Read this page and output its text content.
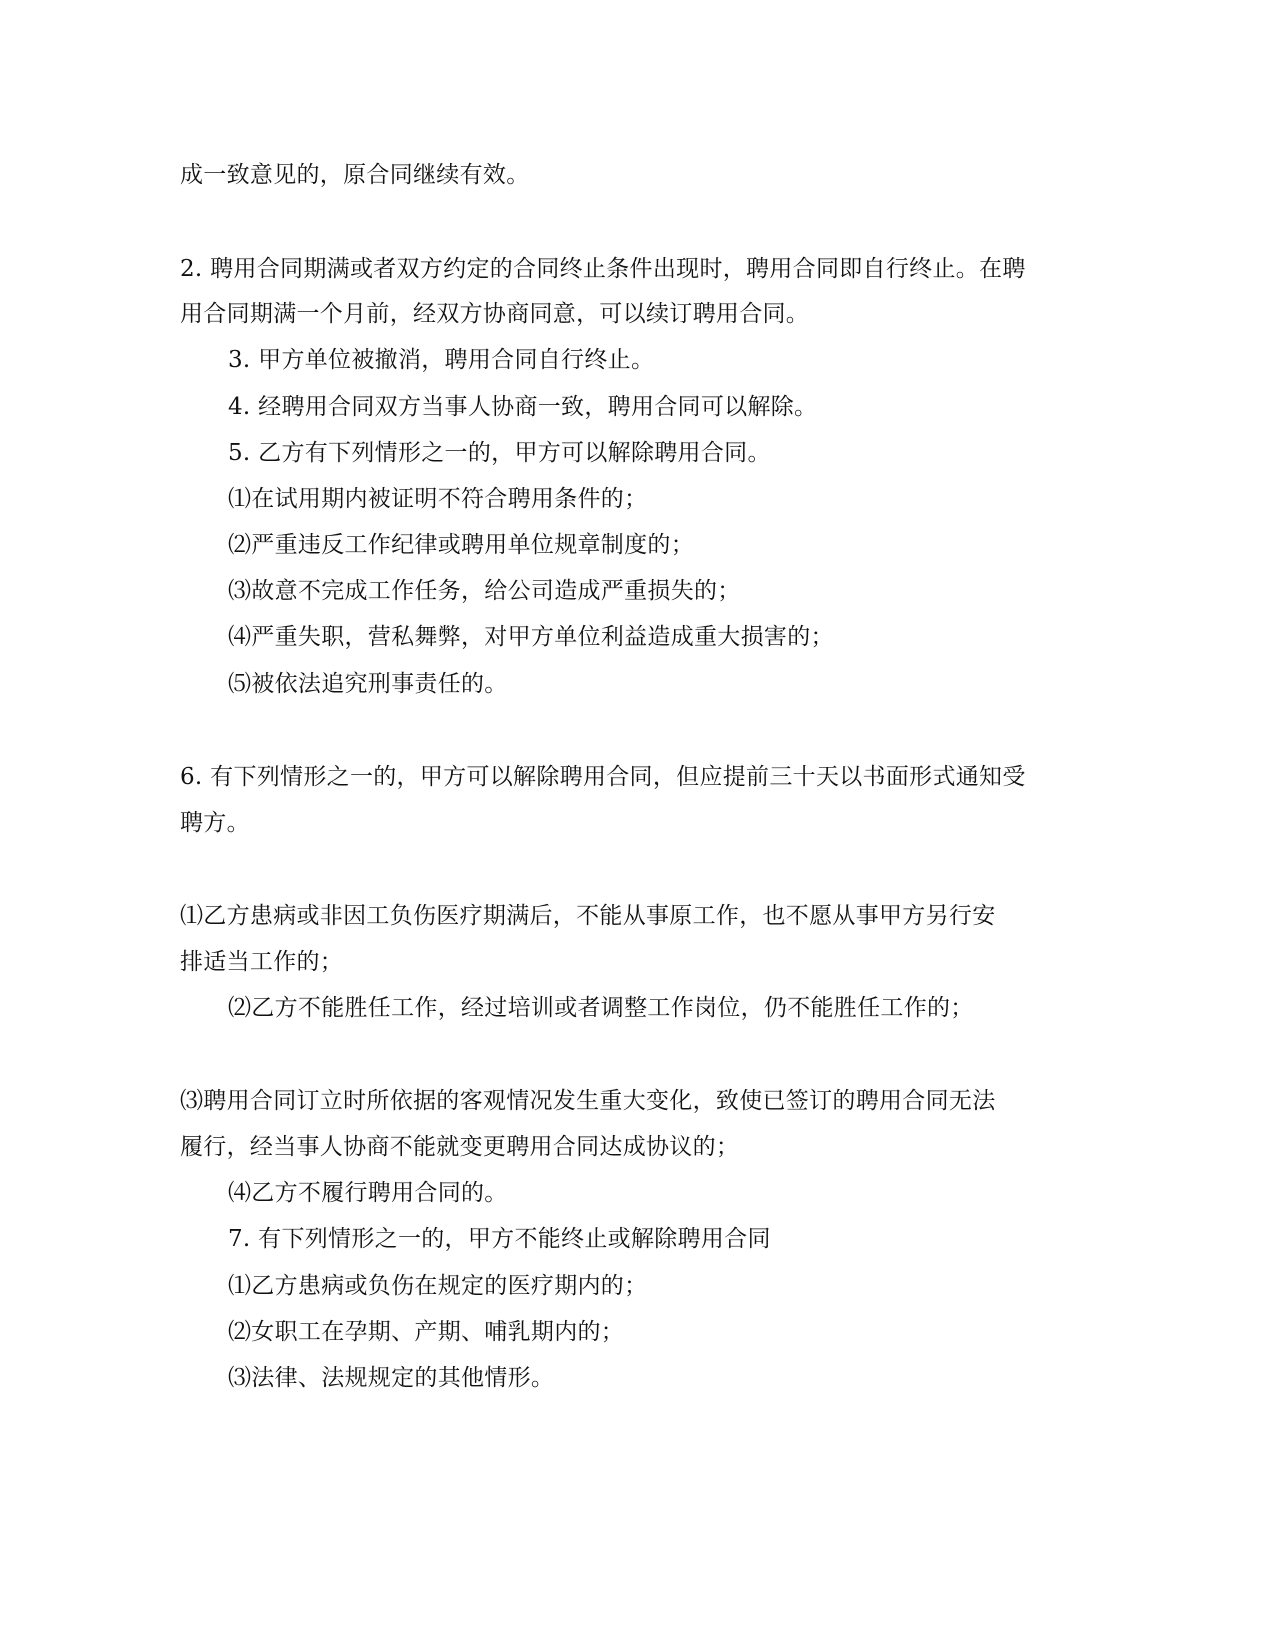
成一致意见的，原合同继续有效。
2. 聘用合同期满或者双方约定的合同终止条件出现时，聘用合同即自行终止。在聘
用合同期满一个月前，经双方协商同意，可以续订聘用合同。
3. 甲方单位被撤消，聘用合同自行终止。
4. 经聘用合同双方当事人协商一致，聘用合同可以解除。
5. 乙方有下列情形之一的，甲方可以解除聘用合同。
⑴在试用期内被证明不符合聘用条件的；
⑵严重违反工作纪律或聘用单位规章制度的；
⑶故意不完成工作任务，给公司造成严重损失的；
⑷严重失职，营私舞弊，对甲方单位利益造成重大损害的；
⑸被依法追究刑事责任的。
6. 有下列情形之一的，甲方可以解除聘用合同，但应提前三十天以书面形式通知受
聘方。
⑴乙方患病或非因工负伤医疗期满后，不能从事原工作，也不愿从事甲方另行安
排适当工作的；
⑵乙方不能胜任工作，经过培训或者调整工作岗位，仍不能胜任工作的；
⑶聘用合同订立时所依据的客观情况发生重大变化，致使已签订的聘用合同无法
履行，经当事人协商不能就变更聘用合同达成协议的；
⑷乙方不履行聘用合同的。
7. 有下列情形之一的，甲方不能终止或解除聘用合同
⑴乙方患病或负伤在规定的医疗期内的；
⑵女职工在孕期、产期、哺乳期内的；
⑶法律、法规规定的其他情形。
